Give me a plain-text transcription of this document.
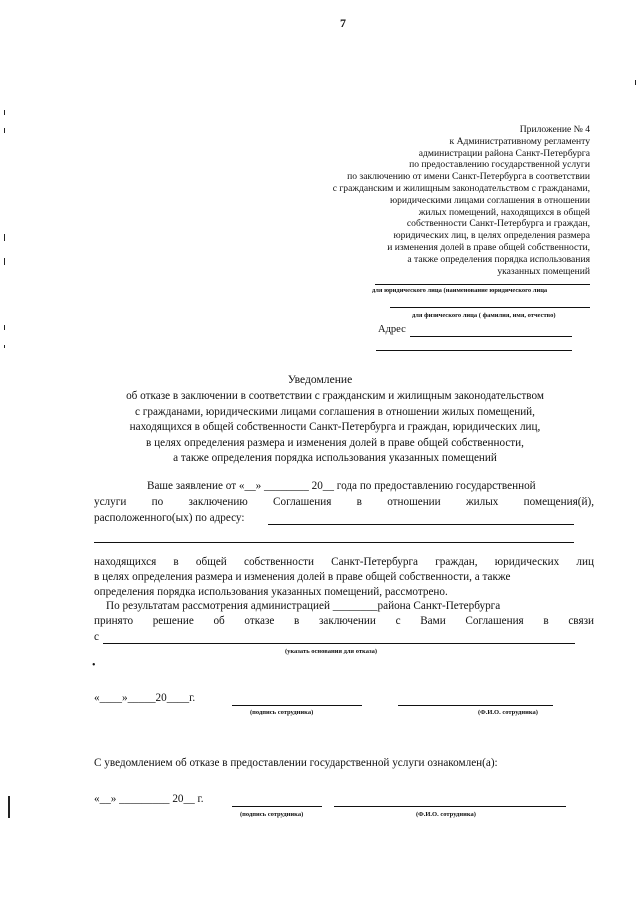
7
Приложение № 4
к Административному регламенту
администрации района Санкт-Петербурга
по предоставлению государственной услуги
по заключению от имени Санкт-Петербурга в соответствии
с гражданским и жилищным законодательством с гражданами,
юридическими лицами соглашения в отношении
жилых помещений, находящихся в общей
собственности Санкт-Петербурга и граждан,
юридических лиц, в целях определения размера
и изменения долей в праве общей собственности,
а также определения порядка использования
указанных помещений
для юридического лица (наименование юридического лица
для физического лица ( фамилия, имя, отчество)
Адрес
Уведомление
об отказе в заключении в соответствии с гражданским и жилищным законодательством
с гражданами, юридическими лицами соглашения в отношении жилых помещений,
находящихся в общей собственности Санкт-Петербурга и граждан, юридических лиц,
в целях определения размера и изменения долей в праве общей собственности,
а также определения порядка использования указанных помещений
Ваше заявление от «__» ________ 20__ года по предоставлению государственной
услуги по заключению Соглашения в отношении жилых помещения(й),
расположенного(ых) по адресу:
находящихся в общей собственности Санкт-Петербурга граждан, юридических лиц
в целях определения размера и изменения долей в праве общей собственности, а также
определения порядка использования указанных помещений, рассмотрено.
По результатам рассмотрения администрацией ________района Санкт-Петербурга
принято решение об отказе в заключении с Вами Соглашения в связи
с
(указать основания для отказа)
•
«____»_____20____г.
(подпись сотрудника)	(Ф.И.О. сотрудника)
С уведомлением об отказе в предоставлении государственной услуги ознакомлен(а):
«__» _________ 20__ г.
(подпись сотрудника)	(Ф.И.О. сотрудника)
